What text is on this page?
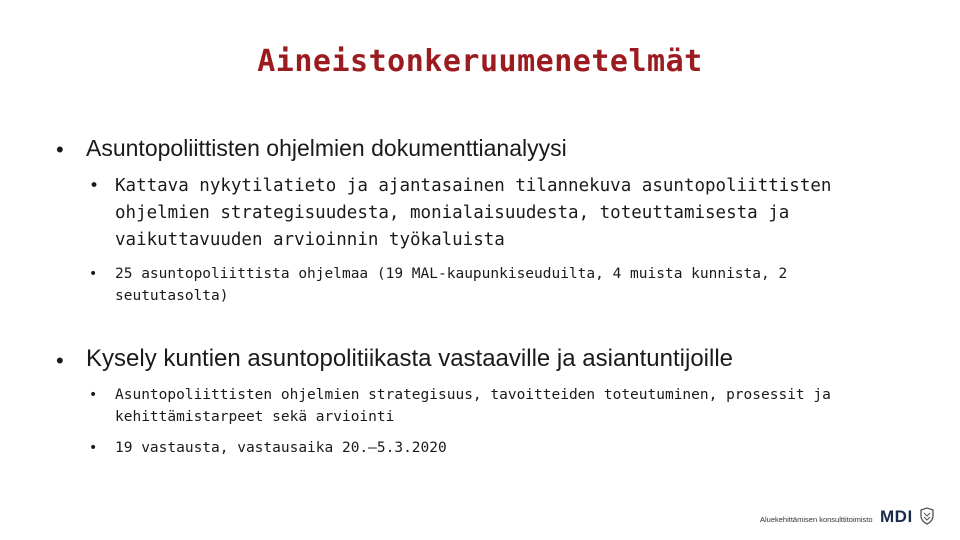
Aineistonkeruumenetelmät
• Asuntopoliittisten ohjelmien dokumenttianalyysi
• Kattava nykytilatieto ja ajantasainen tilannekuva asuntopoliittisten ohjelmien strategisuudesta, monialaisuudesta, toteuttamisesta ja vaikuttavuuden arvioinnin työkaluista
• 25 asuntopoliittista ohjelmaa (19 MAL-kaupunkiseuduilta, 4 muista kunnista, 2 seututasolta)
• Kysely kuntien asuntopolitiikasta vastaaville ja asiantuntijoille
• Asuntopoliittisten ohjelmien strategisuus, tavoitteiden toteutuminen, prosessit ja kehittämistarpeet sekä arviointi
• 19 vastausta, vastausaika 20.—5.3.2020
Aluekehittämisen konsulttitoimisto MDI
